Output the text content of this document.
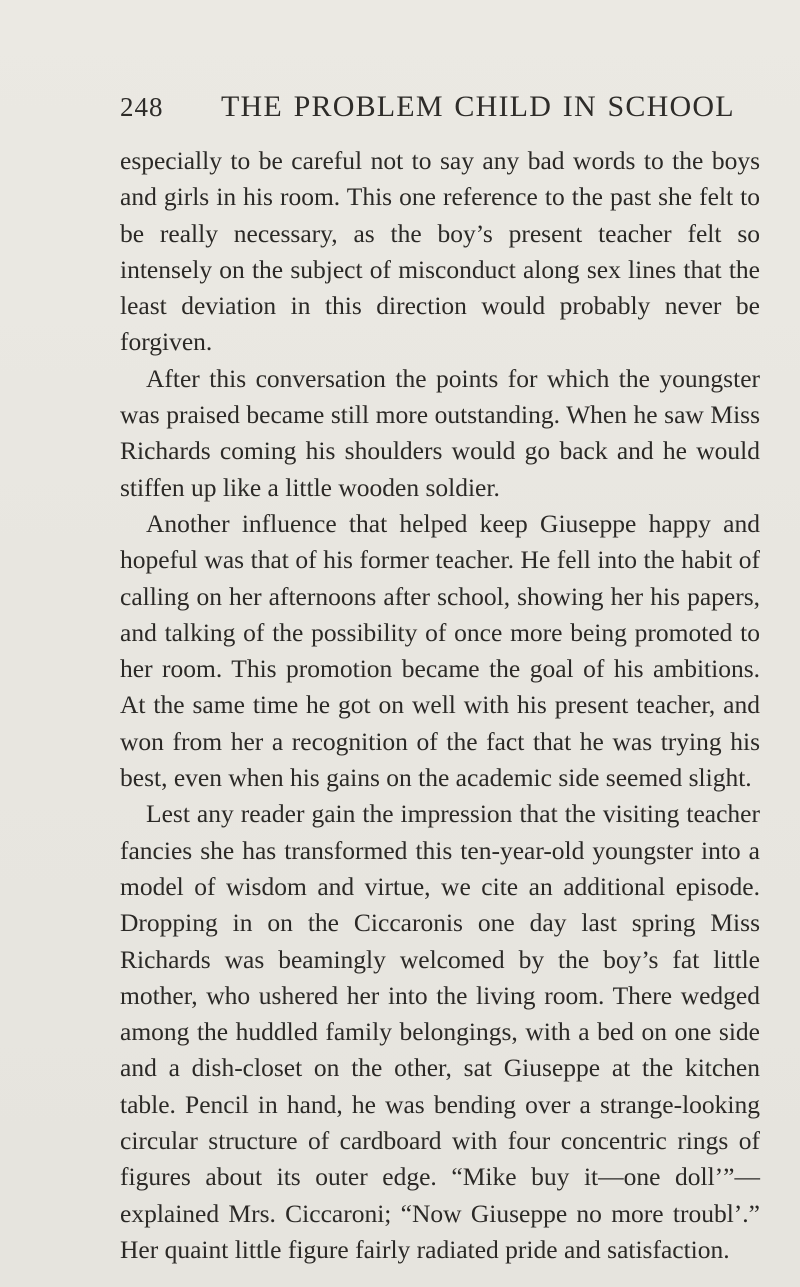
248	THE PROBLEM CHILD IN SCHOOL

especially to be careful not to say any bad words to the boys and girls in his room. This one reference to the past she felt to be really necessary, as the boy’s present teacher felt so intensely on the subject of misconduct along sex lines that the least deviation in this direction would probably never be forgiven.

After this conversation the points for which the youngster was praised became still more outstanding. When he saw Miss Richards coming his shoulders would go back and he would stiffen up like a little wooden soldier.

Another influence that helped keep Giuseppe happy and hopeful was that of his former teacher. He fell into the habit of calling on her afternoons after school, showing her his papers, and talking of the possibility of once more being promoted to her room. This promotion became the goal of his ambitions. At the same time he got on well with his present teacher, and won from her a recognition of the fact that he was trying his best, even when his gains on the academic side seemed slight.

Lest any reader gain the impression that the visiting teacher fancies she has transformed this ten-year-old youngster into a model of wisdom and virtue, we cite an additional episode. Dropping in on the Ciccaronis one day last spring Miss Richards was beamingly welcomed by the boy’s fat little mother, who ushered her into the living room. There wedged among the huddled family belongings, with a bed on one side and a dish-closet on the other, sat Giuseppe at the kitchen table. Pencil in hand, he was bending over a strange-looking circular structure of cardboard with four concentric rings of figures about its outer edge. “Mike buy it—one doll’”—explained Mrs. Ciccaroni; “Now Giuseppe no more troubl’.” Her quaint little figure fairly radiated pride and satisfaction.
